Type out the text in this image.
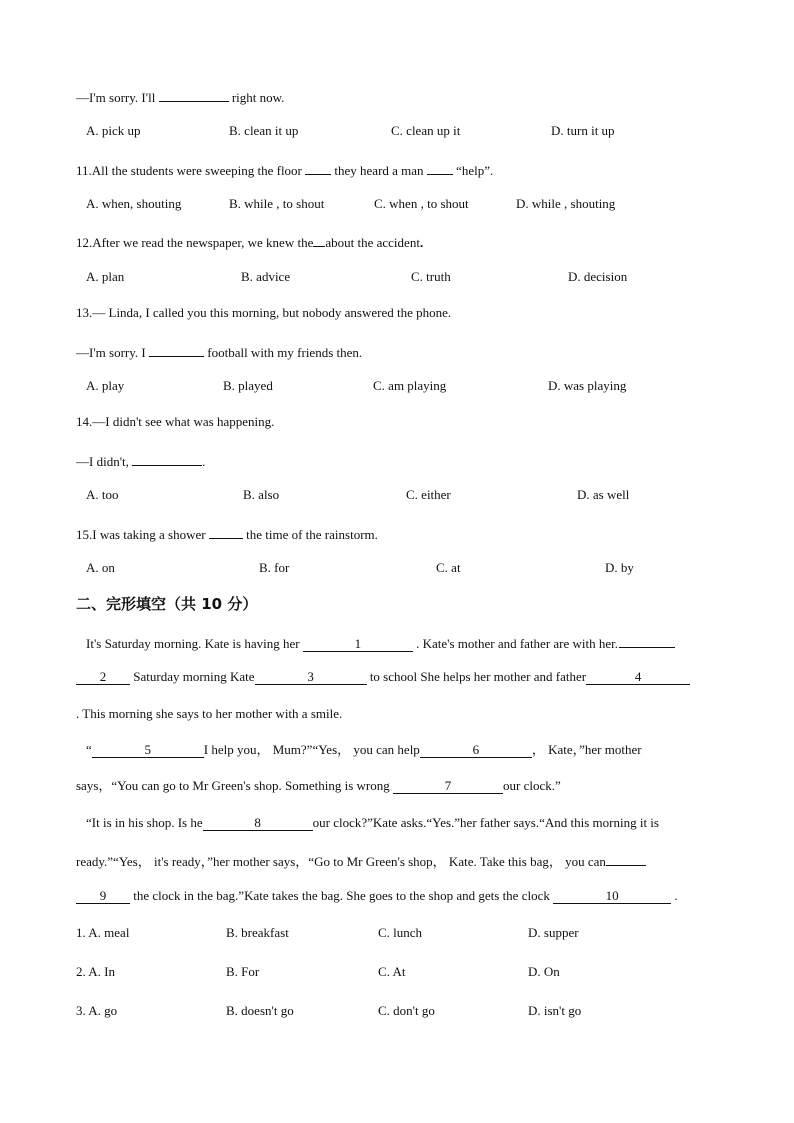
—I'm sorry. I'll	right now.
A. pick up	B. clean it up	C. clean up it	D. turn it up
11.All the students were sweeping the floor  they heard a man  “help”.
A. when, shouting	B. while , to shout	C. when , to shout	D. while , shouting
12.After we read the newspaper, we knew the about the accident.
A. plan	B. advice	C. truth	D. decision
13.— Linda, I called you this morning, but nobody answered the phone.
—I'm sorry. I	football with my friends then.
A. play	B. played	C. am playing	D. was playing
14.—I didn't see what was happening.
—I didn't,	.
A. too	B. also	C. either	D. as well
15.I was taking a shower	the time of the rainstorm.
A. on	B. for	C. at	D. by
二、完形填空（共 10 分）
It's Saturday morning. Kate is having her	1	. Kate's mother and father are with her.
2 Saturday morning Kate	3	to school She helps her mother and father	4
. This morning she says to her mother with a smile.
“	5	I help you， Mum?”“Yes， you can help	6	， Kate，”her mother
says，“You can go to Mr Green's shop. Something is wrong	7	our clock.”
“It is in his shop. Is he	8	our clock?”Kate asks.“Yes.”her father says.“And this morning it is
ready.”“Yes， it's ready，”her mother says，“Go to Mr Green's shop， Kate. Take this bag， you can
9 the clock in the bag.”Kate takes the bag. She goes to the shop and gets the clock	10	.
1. A. meal	B. breakfast	C. lunch	D. supper
2. A. In	B. For	C. At	D. On
3. A. go	B. doesn't go	C. don't go	D. isn't go
